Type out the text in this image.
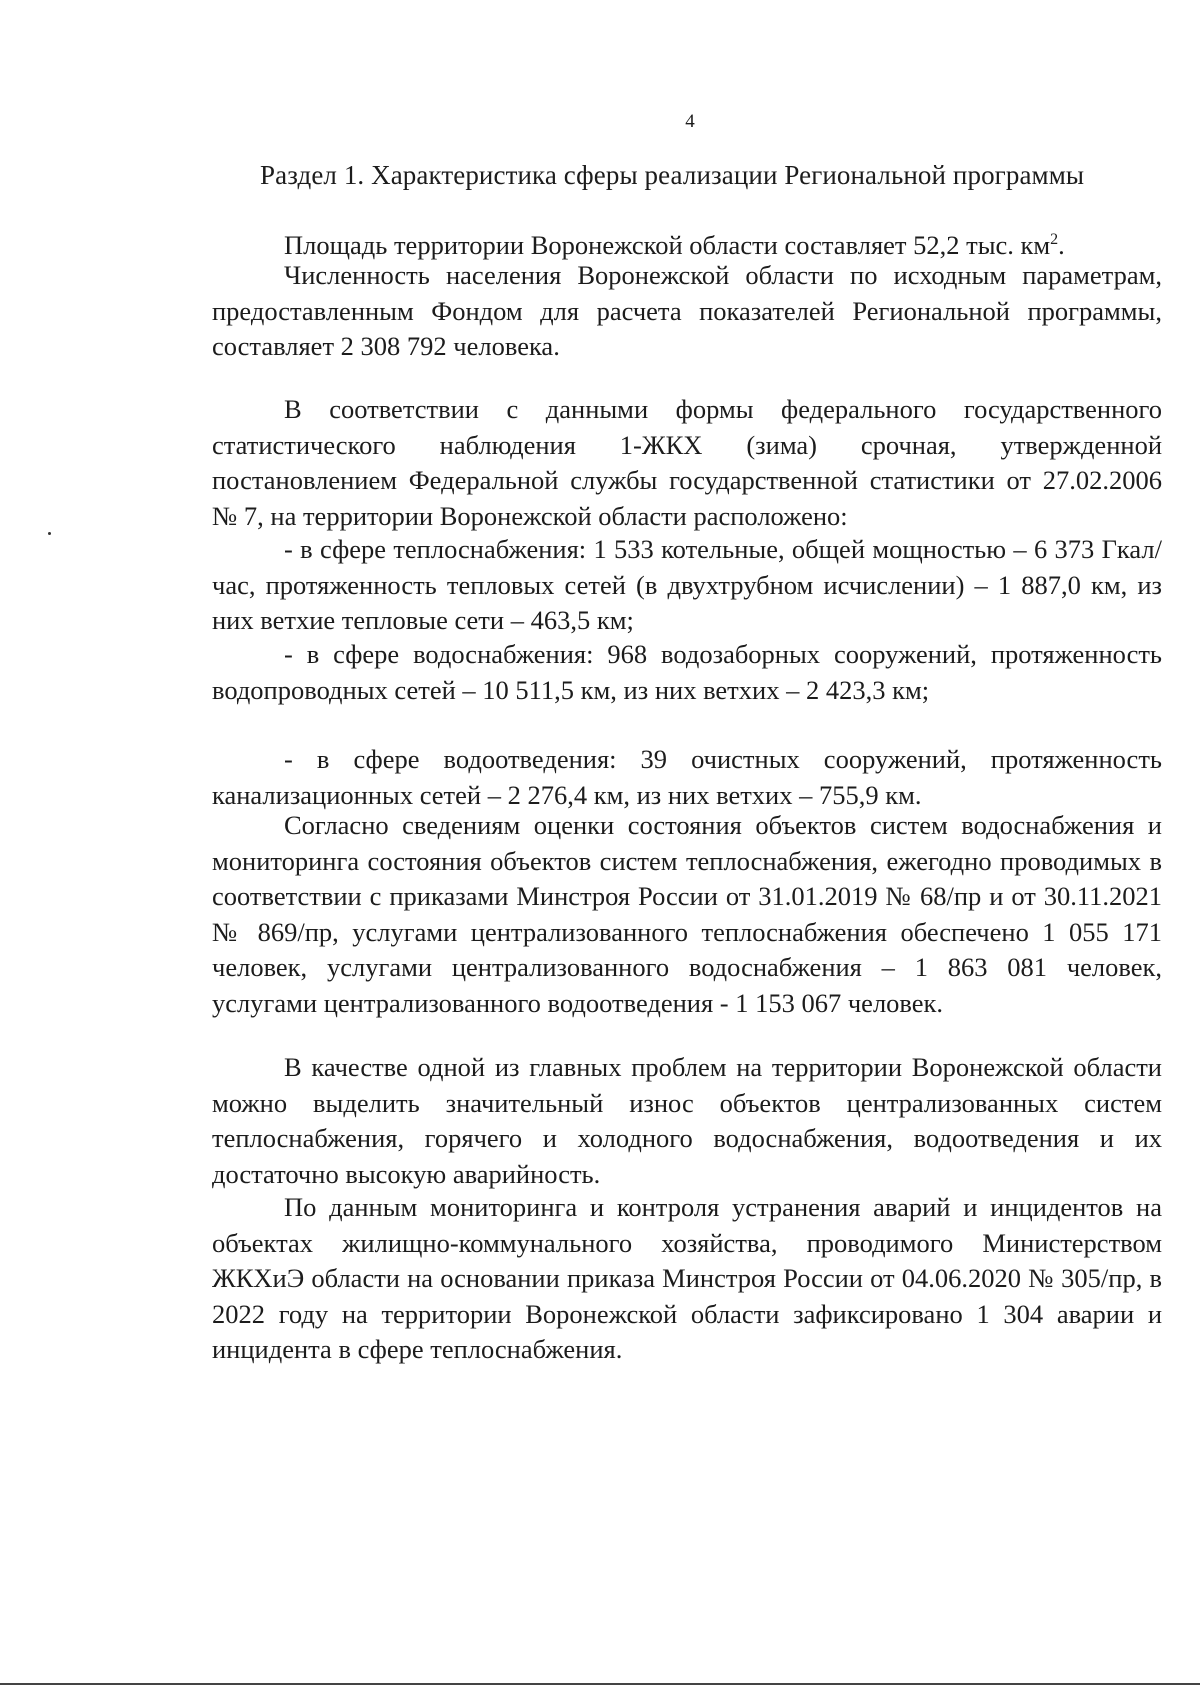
4
Раздел 1. Характеристика сферы реализации Региональной программы

Площадь территории Воронежской области составляет 52,2 тыс. $км^2$.

Численность населения Воронежской области по исходным параметрам, предоставленным Фондом для расчета показателей Региональной программы, составляет 2 308 792 человека.

В соответствии с данными формы федерального государственного статистического наблюдения 1-ЖКХ (зима) срочная, утвержденной постановлением Федеральной службы государственной статистики от 27.02.2006 № 7, на территории Воронежской области расположено:

- в сфере теплоснабжения: 1 533 котельные, общей мощностью – 6 373 Гкал/час, протяженность тепловых сетей (в двухтрубном исчислении) – 1 887,0 км, из них ветхие тепловые сети – 463,5 км;

- в сфере водоснабжения: 968 водозаборных сооружений, протяженность водопроводных сетей – 10 511,5 км, из них ветхих – 2 423,3 км;

- в сфере водоотведения: 39 очистных сооружений, протяженность канализационных сетей – 2 276,4 км, из них ветхих – 755,9 км.

Согласно сведениям оценки состояния объектов систем водоснабжения и мониторинга состояния объектов систем теплоснабжения, ежегодно проводимых в соответствии с приказами Минстроя России от 31.01.2019 № 68/пр и от 30.11.2021 № 869/пр, услугами централизованного теплоснабжения обеспечено 1 055 171 человек, услугами централизованного водоснабжения – 1 863 081 человек, услугами централизованного водоотведения - 1 153 067 человек.

В качестве одной из главных проблем на территории Воронежской области можно выделить значительный износ объектов централизованных систем теплоснабжения, горячего и холодного водоснабжения, водоотведения и их достаточно высокую аварийность.

По данным мониторинга и контроля устранения аварий и инцидентов на объектах жилищно-коммунального хозяйства, проводимого Министерством ЖКХиЭ области на основании приказа Минстроя России от 04.06.2020 № 305/пр, в 2022 году на территории Воронежской области зафиксировано 1 304 аварии и инцидента в сфере теплоснабжения.
